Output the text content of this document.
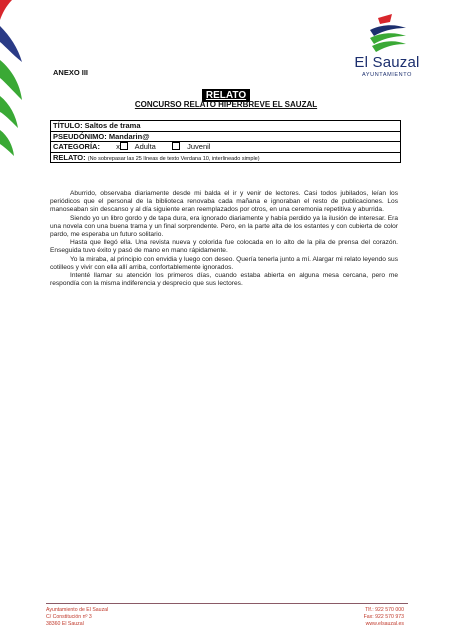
El Sauzal
AYUNTAMIENTO
ANEXO III
RELATO
CONCURSO RELATO HIPERBREVE EL SAUZAL
TÍTULO: Saltos de trama
PSEUDÓNIMO: Mandarin@
CATEGORÍA: x Adulta	Juvenil
RELATO: (No sobrepasar las 25 líneas de texto Verdana 10, interlineado simple)

Aburrido, observaba diariamente desde mi balda el ir y venir de lectores. Casi todos jubilados, leían los periódicos que el personal de la biblioteca renovaba cada mañana e ignoraban el resto de publicaciones. Los manoseaban sin descanso y al día siguiente eran reemplazados por otros, en una ceremonia repetitiva y aburrida.

Siendo yo un libro gordo y de tapa dura, era ignorado diariamente y había perdido ya la ilusión de interesar. Era una novela con una buena trama y un final sorprendente. Pero, en la parte alta de los estantes y con cubierta de color pardo, me esperaba un futuro solitario.

Hasta que llegó ella. Una revista nueva y colorida fue colocada en lo alto de la pila de prensa del corazón. Enseguida tuvo éxito y pasó de mano en mano rápidamente.

Yo la miraba, al principio con envidia y luego con deseo. Quería tenerla junto a mí. Alargar mi relato leyendo sus cotilleos y vivir con ella allí arriba, confortablemente ignorados.

Intenté llamar su atención los primeros días, cuando estaba abierta en alguna mesa cercana, pero me respondía con la misma indiferencia y desprecio que sus lectores.

Ayuntamiento de El Sauzal
C/ Constitución nº 3
38360 El Sauzal
Tlf.: 922 570 000
Fax: 922 570 973
www.elsauzal.es
